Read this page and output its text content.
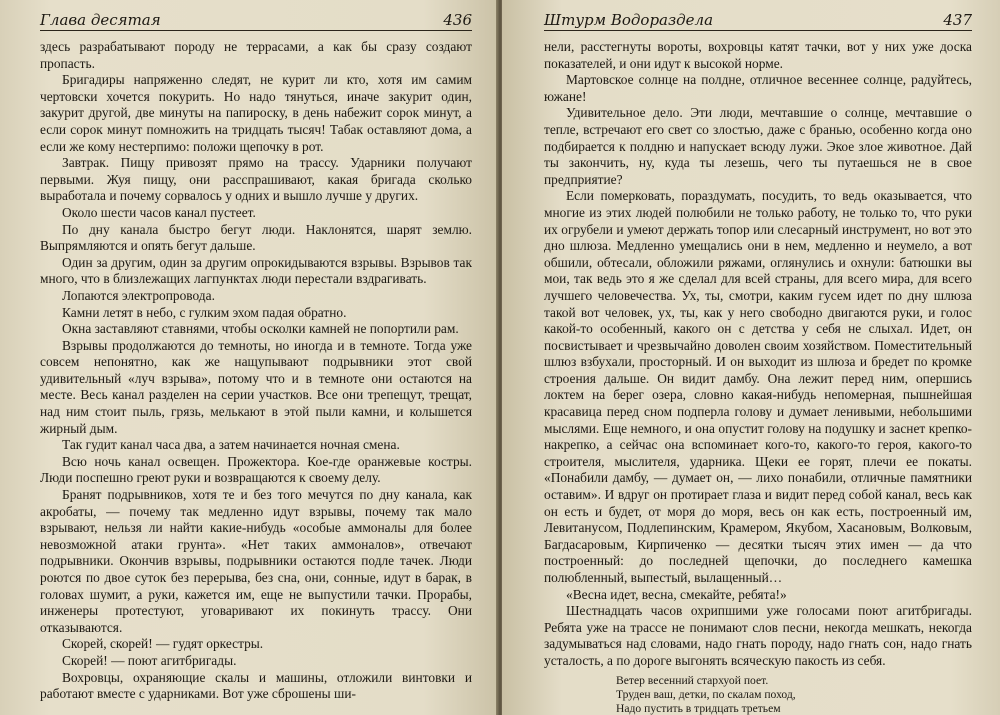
Глава десятая	436

здесь разрабатывают породу не террасами, а как бы сразу создают пропасть.

Бригадиры напряженно следят, не курит ли кто, хотя им самим чертовски хочется покурить. Но надо тянуться, иначе закурит один, закурит другой, две минуты на папироску, в день набежит сорок минут, а если сорок минут помножить на тридцать тысяч! Табак оставляют дома, а если же кому нестерпимо: положи щепочку в рот.

Завтрак. Пищу привозят прямо на трассу. Ударники получают первыми. Жуя пищу, они расспрашивают, какая бригада сколько выработала и почему сорвалось у одних и вышло лучше у других.

Около шести часов канал пустеет.

По дну канала быстро бегут люди. Наклонятся, шарят землю. Выпрямляются и опять бегут дальше.

Один за другим, один за другим опрокидываются взрывы. Взрывов так много, что в близлежащих лагпунктах люди перестали вздрагивать.

Лопаются электропровода.

Камни летят в небо, с гулким эхом падая обратно.

Окна заставляют ставнями, чтобы осколки камней не попортили рам.

Взрывы продолжаются до темноты, но иногда и в темноте. Тогда уже совсем непонятно, как же нащупывают подрывники этот свой удивительный «луч взрыва», потому что и в темноте они остаются на месте. Весь канал разделен на серии участков. Все они трепещут, трещат, над ним стоит пыль, грязь, мелькают в этой пыли камни, и колышется жирный дым.

Так гудит канал часа два, а затем начинается ночная смена.

Всю ночь канал освещен. Прожектора. Кое-где оранжевые костры. Люди поспешно греют руки и возвращаются к своему делу.

Бранят подрывников, хотя те и без того мечутся по дну канала, как акробаты, — почему так медленно идут взрывы, почему так мало взрывают, нельзя ли найти какие-нибудь «особые аммоналы для более невозможной атаки грунта». «Нет таких аммоналов», отвечают подрывники. Окончив взрывы, подрывники остаются подле тачек. Люди роются по двое суток без перерыва, без сна, они, сонные, идут в барак, в головах шумит, а руки, кажется им, еще не выпустили тачки. Прорабы, инженеры протестуют, уговаривают их покинуть трассу. Они отказываются.

Скорей, скорей! — гудят оркестры.

Скорей! — поют агитбригады.

Вохровцы, охраняющие скалы и машины, отложили винтовки и работают вместе с ударниками. Вот уже сброшены ши-

Штурм Водораздела	437

нели, расстегнуты вороты, вохровцы катят тачки, вот у них уже доска показателей, и они идут к высокой норме.

Мартовское солнце на полдне, отличное весеннее солнце, радуйтесь, южане!

Удивительное дело. Эти люди, мечтавшие о солнце, мечтавшие о тепле, встречают его свет со злостью, даже с бранью, особенно когда оно подбирается к полдню и напускает всюду лужи. Экое злое животное. Дай ты закончить, ну, куда ты лезешь, чего ты путаешься не в свое предприятие?

Если померковать, пораздумать, посудить, то ведь оказывается, что многие из этих людей полюбили не только работу, не только то, что руки их огрубели и умеют держать топор или слесарный инструмент, но вот это дно шлюза. Медленно умещались они в нем, медленно и неумело, а вот обшили, обтесали, обложили ряжами, оглянулись и охнули: батюшки вы мои, так ведь это я же сделал для всей страны, для всего мира, для всего лучшего человечества. Ух, ты, смотри, каким гусем идет по дну шлюза такой вот человек, ух, ты, как у него свободно двигаются руки, и голос какой-то особенный, какого он с детства у себя не слыхал. Идет, он посвистывает и чрезвычайно доволен своим хозяйством. Поместительный шлюз взбухали, просторный. И он выходит из шлюза и бредет по кромке строения дальше. Он видит дамбу. Она лежит перед ним, опершись локтем на берег озера, словно какая-нибудь непомерная, пышнейшая красавица перед сном подперла голову и думает ленивыми, небольшими мыслями. Еще немного, и она опустит голову на подушку и заснет крепко-накрепко, а сейчас она вспоминает кого-то, какого-то героя, какого-то строителя, мыслителя, ударника. Щеки ее горят, плечи ее покаты. «Понабили дамбу, — думает он, — лихо понабили, отличные памятники оставим». И вдруг он протирает глаза и видит перед собой канал, весь как он есть и будет, от моря до моря, весь он как есть, построенный им, Левитанусом, Подлепинским, Крамером, Якубом, Хасановым, Волковым, Багдасаровым, Кирпиченко — десятки тысяч этих имен — да что построенный: до последней щепочки, до последнего камешка полюбленный, выпестый, вылащенный…

«Весна идет, весна, смекайте, ребята!»

Шестнадцать часов охрипшими уже голосами поют агитбригады. Ребята уже на трассе не понимают слов песни, некогда мешкать, некогда задумываться над словами, надо гнать породу, надо гнать сон, надо гнать усталость, а по дороге выгонять всяческую пакость из себя.

Ветер весенний стархуой поет.
Труден ваш, детки, по скалам поход,
Надо пустить в тридцать третьем
